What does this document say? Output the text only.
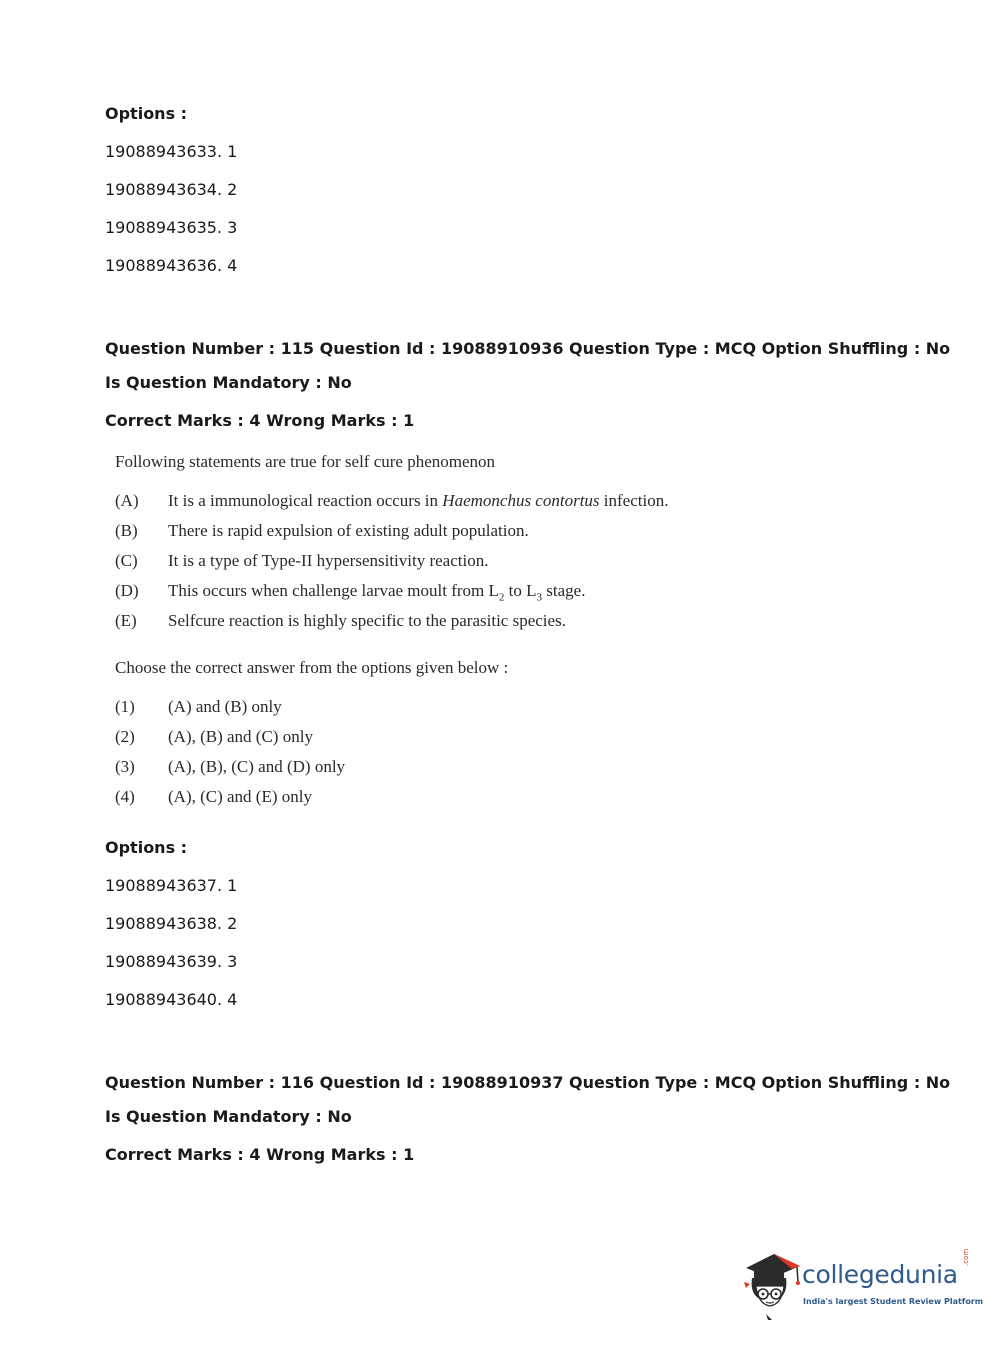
Options :
19088943633. 1
19088943634. 2
19088943635. 3
19088943636. 4
Question Number : 115 Question Id : 19088910936 Question Type : MCQ Option Shuffling : No
Is Question Mandatory : No
Correct Marks : 4 Wrong Marks : 1
Following statements are true for self cure phenomenon
(A) It is a immunological reaction occurs in Haemonchus contortus infection.
(B) There is rapid expulsion of existing adult population.
(C) It is a type of Type-II hypersensitivity reaction.
(D) This occurs when challenge larvae moult from $L_2$ to $L_3$ stage.
(E) Selfcure reaction is highly specific to the parasitic species.
Choose the correct answer from the options given below :
(1) (A) and (B) only
(2) (A), (B) and (C) only
(3) (A), (B), (C) and (D) only
(4) (A), (C) and (E) only
Options :
19088943637. 1
19088943638. 2
19088943639. 3
19088943640. 4
Question Number : 116 Question Id : 19088910937 Question Type : MCQ Option Shuffling : No
Is Question Mandatory : No
Correct Marks : 4 Wrong Marks : 1
collegedunia
.com
India's largest Student Review Platform
